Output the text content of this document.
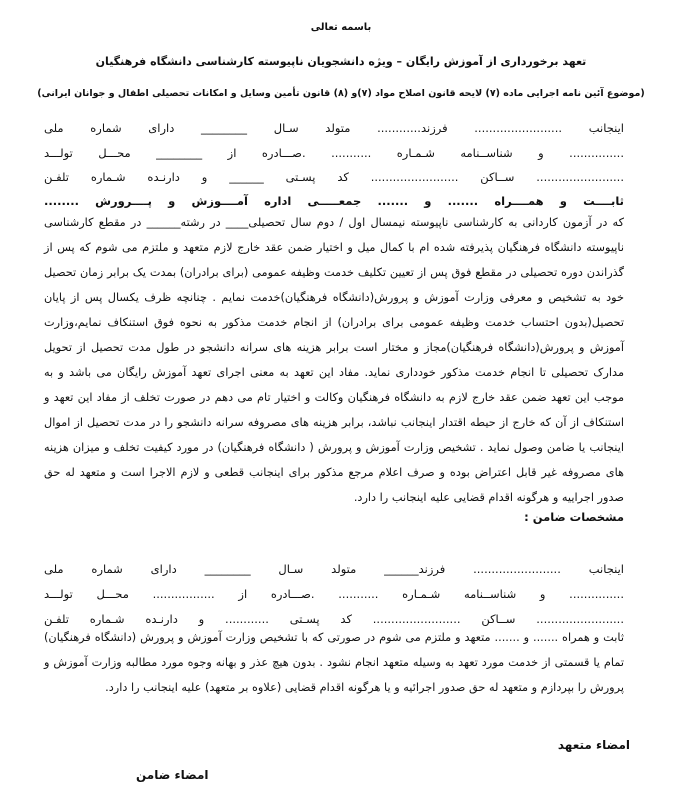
باسمه تعالی
تعهد برخورداری از آموزش رایگان – ویژه دانشجویان ناپیوسته کارشناسی دانشگاه فرهنگیان
(موضوع آئین نامه اجرایی ماده (۷) لایحه قانون اصلاح مواد (۷)و (۸) قانون تأمین وسایل و امکانات تحصیلی اطفال و جوانان ایرانی)
اینجانب ........................ فرزند............ متولد سـال ________ دارای شماره ملی
............... و شناســنامه شـمـاره ........... .صـــادره از ________ محـــل تولـــد
........................ ســاکن ........................ کد پسـتی ______ و دارنـده شـماره تلفـن
ثابــــت و همــــراه ....... و ....... جمعـــــی اداره آمــــوزش و پــــرورش ........
که در آزمون کاردانی به کارشناسی ناپیوسته نیمسال اول / دوم سال تحصیلی____ در رشته______ در مقطع کارشناسی ناپیوسته دانشگاه فرهنگیان پذیرفته شده ام با کمال میل و اختیار ضمن عقد خارج لازم متعهد و ملتزم می شوم که پس از گذراندن دوره تحصیلی در مقطع فوق پس از تعیین تکلیف خدمت وظیفه عمومی (برای برادران) بمدت یک برابر زمان تحصیل خود به تشخیص و معرفی وزارت آموزش و پرورش(دانشگاه فرهنگیان)خدمت نمایم . چنانچه ظرف یکسال پس از پایان تحصیل(بدون احتساب خدمت وظیفه عمومی برای برادران) از انجام خدمت مذکور به نحوه فوق استنکاف نمایم،وزارت آموزش و پرورش(دانشگاه فرهنگیان)مجاز و مختار است برابر هزینه های سرانه دانشجو در طول مدت تحصیل از تحویل مدارک تحصیلی تا انجام خدمت مذکور خودداری نماید. مفاد این تعهد به معنی اجرای تعهد آموزش رایگان می باشد و به موجب این تعهد ضمن عقد خارج لازم به دانشگاه فرهنگیان وکالت و اختیار تام می دهم در صورت تخلف از مفاد این تعهد و استنکاف از آن که خارج از حیطه اقتدار اینجانب نباشد، برابر هزینه های مصروفه سرانه دانشجو را در مدت تحصیل از اموال اینجانب یا ضامن وصول نماید . تشخیص وزارت آموزش و پرورش ( دانشگاه فرهنگیان) در مورد کیفیت تخلف و میزان هزینه های مصروفه غیر قابل اعتراض بوده و صرف اعلام مرجع مذکور برای اینجانب قطعی و لازم الاجرا است و متعهد له حق صدور اجراییه و هرگونه اقدام قضایی علیه اینجانب را دارد.
مشخصات ضامن :
اینجانب ........................ فرزند______ متولد سـال ________ دارای شماره ملی
............... و شناســنامه شـمـاره ........... .صـــادره از ................. محـــل تولـــد
........................ ســاکن ........................ کد پسـتی ............ و دارنـده شـماره تلفـن
ثابت و همراه ....... و ....... متعهد و ملتزم می شوم در صورتی که با تشخیص وزارت آموزش و پرورش (دانشگاه فرهنگیان) تمام یا قسمتی از خدمت مورد تعهد به وسیله متعهد انجام نشود . بدون هیچ عذر و بهانه وجوه مورد مطالبه وزارت آموزش و پرورش را بپردازم و متعهد له حق صدور اجرائیه و یا هرگونه اقدام قضایی (علاوه بر متعهد) علیه اینجانب را دارد.
امضاء متعهد
امضاء ضامن
